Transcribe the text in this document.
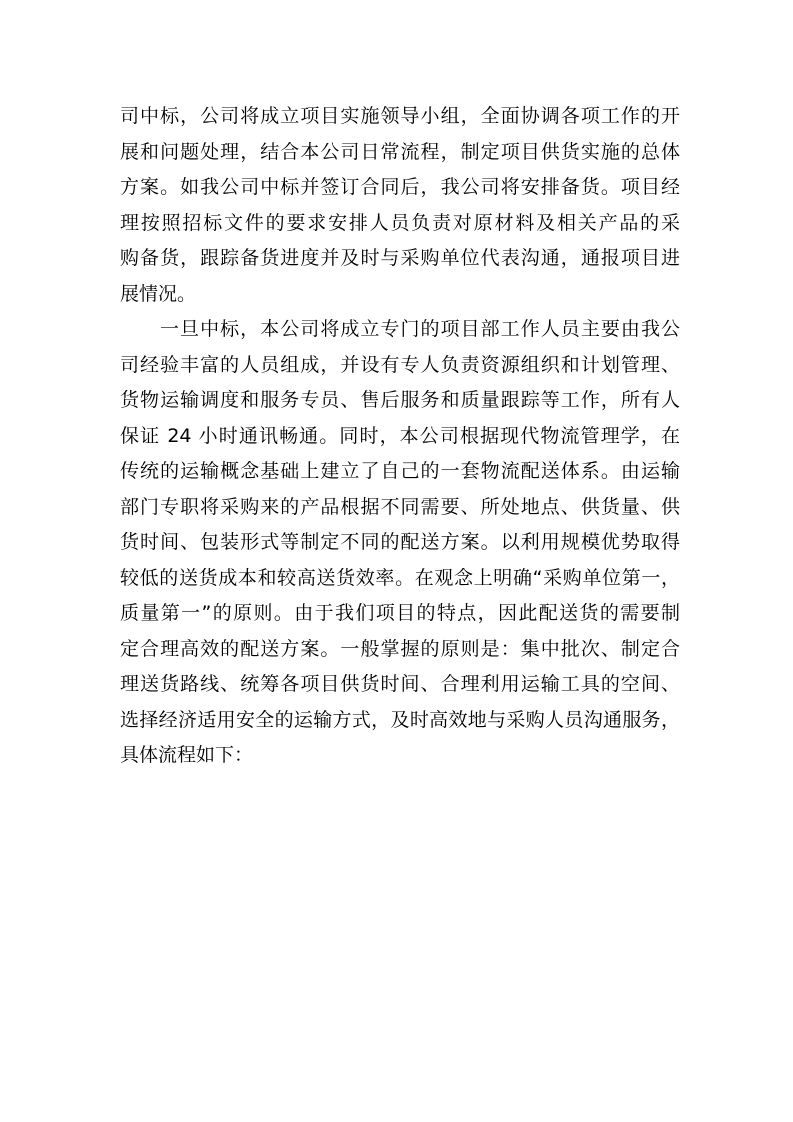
司中标，公司将成立项目实施领导小组，全面协调各项工作的开
展和问题处理，结合本公司日常流程，制定项目供货实施的总体
方案。如我公司中标并签订合同后，我公司将安排备货。项目经
理按照招标文件的要求安排人员负责对原材料及相关产品的采
购备货，跟踪备货进度并及时与采购单位代表沟通，通报项目进
展情况。
一旦中标，本公司将成立专门的项目部工作人员主要由我公
司经验丰富的人员组成，并设有专人负责资源组织和计划管理、
货物运输调度和服务专员、售后服务和质量跟踪等工作，所有人
保证 24 小时通讯畅通。同时，本公司根据现代物流管理学，在
传统的运输概念基础上建立了自己的一套物流配送体系。由运输
部门专职将采购来的产品根据不同需要、所处地点、供货量、供
货时间、包装形式等制定不同的配送方案。以利用规模优势取得
较低的送货成本和较高送货效率。在观念上明确“采购单位第一，
质量第一”的原则。由于我们项目的特点，因此配送货的需要制
定合理高效的配送方案。一般掌握的原则是：集中批次、制定合
理送货路线、统筹各项目供货时间、合理利用运输工具的空间、
选择经济适用安全的运输方式，及时高效地与采购人员沟通服务，
具体流程如下：
